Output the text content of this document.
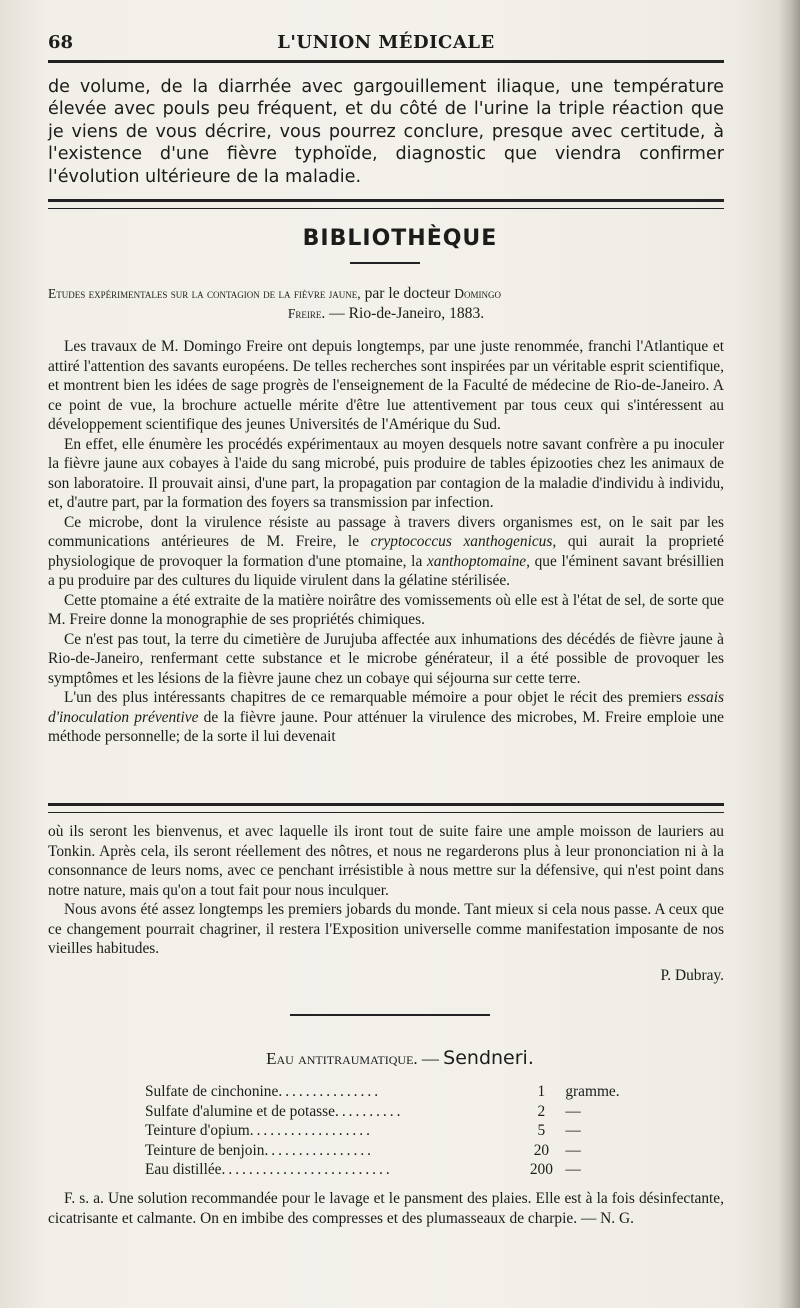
68	L'UNION MÉDICALE

de volume, de la diarrhée avec gargouillement iliaque, une température élevée avec pouls peu fréquent, et du côté de l'urine la triple réaction que je viens de vous décrire, vous pourrez conclure, presque avec certitude, à l'existence d'une fièvre typhoïde, diagnostic que viendra confirmer l'évolution ultérieure de la maladie.

BIBLIOTHÈQUE

Etudes expérimentales sur la contagion de la fièvre jaune, par le docteur Domingo

Freire. — Rio-de-Janeiro, 1883.

Les travaux de M. Domingo Freire ont depuis longtemps, par une juste renommée, franchi l'Atlantique et attiré l'attention des savants européens. De telles recherches sont inspirées par un véritable esprit scientifique, et montrent bien les idées de sage progrès de l'enseignement de la Faculté de médecine de Rio-de-Janeiro. A ce point de vue, la brochure actuelle mérite d'être lue attentivement par tous ceux qui s'intéressent au développement scientifique des jeunes Universités de l'Amérique du Sud.

En effet, elle énumère les procédés expérimentaux au moyen desquels notre savant confrère a pu inoculer la fièvre jaune aux cobayes à l'aide du sang microbé, puis produire de tables épizooties chez les animaux de son laboratoire. Il prouvait ainsi, d'une part, la propagation par contagion de la maladie d'individu à individu, et, d'autre part, par la formation des foyers sa transmission par infection.

Ce microbe, dont la virulence résiste au passage à travers divers organismes est, on le sait par les communications antérieures de M. Freire, le cryptococcus xanthogenicus, qui aurait la proprieté physiologique de provoquer la formation d'une ptomaine, la xanthoptomaine, que l'éminent savant brésillien a pu produire par des cultures du liquide virulent dans la gélatine stérilisée.

Cette ptomaine a été extraite de la matière noirâtre des vomissements où elle est à l'état de sel, de sorte que M. Freire donne la monographie de ses propriétés chimiques.

Ce n'est pas tout, la terre du cimetière de Jurujuba affectée aux inhumations des décédés de fièvre jaune à Rio-de-Janeiro, renfermant cette substance et le microbe générateur, il a été possible de provoquer les symptômes et les lésions de la fièvre jaune chez un cobaye qui séjourna sur cette terre.

L'un des plus intéressants chapitres de ce remarquable mémoire a pour objet le récit des premiers essais d'inoculation préventive de la fièvre jaune. Pour atténuer la virulence des microbes, M. Freire emploie une méthode personnelle; de la sorte il lui devenait

où ils seront les bienvenus, et avec laquelle ils iront tout de suite faire une ample moisson de lauriers au Tonkin. Après cela, ils seront réellement des nôtres, et nous ne regarderons plus à leur prononciation ni à la consonnance de leurs noms, avec ce penchant irrésistible à nous mettre sur la défensive, qui n'est point dans notre nature, mais qu'on a tout fait pour nous inculquer.

Nous avons été assez longtemps les premiers jobards du monde. Tant mieux si cela nous passe. A ceux que ce changement pourrait chagriner, il restera l'Exposition universelle comme manifestation imposante de nos vieilles habitudes.

P. Dubray.

Eau antitraumatique. — Sendneri.
Sulfate de cinchonine...............	1	gramme.
Sulfate d'alumine et de potasse..........	2	—
Teinture d'opium..................	5	—
Teinture de benjoin................	20	—
Eau distillée.........................	200 —

F. s. a. Une solution recommandée pour le lavage et le pansment des plaies. Elle est à la fois désinfectante, cicatrisante et calmante. On en imbibe des compresses et des plumasseaux de charpie. — N. G.
